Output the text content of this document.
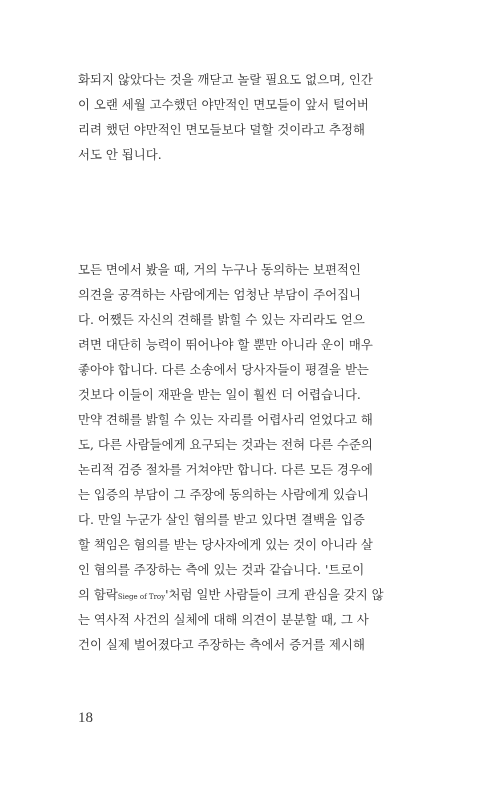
화되지 않았다는 것을 깨닫고 놀랄 필요도 없으며, 인간
이 오랜 세월 고수했던 야만적인 면모들이 앞서 털어버
리려 했던 야만적인 면모들보다 덜할 것이라고 추정해
서도 안 됩니다.
모든 면에서 봤을 때, 거의 누구나 동의하는 보편적인
의견을 공격하는 사람에게는 엄청난 부담이 주어집니
다. 어쨌든 자신의 견해를 밝힐 수 있는 자리라도 얻으
려면 대단히 능력이 뛰어나야 할 뿐만 아니라 운이 매우
좋아야 합니다. 다른 소송에서 당사자들이 평결을 받는
것보다 이들이 재판을 받는 일이 훨씬 더 어렵습니다.
만약 견해를 밝힐 수 있는 자리를 어렵사리 얻었다고 해
도, 다른 사람들에게 요구되는 것과는 전혀 다른 수준의
논리적 검증 절차를 거쳐야만 합니다. 다른 모든 경우에
는 입증의 부담이 그 주장에 동의하는 사람에게 있습니
다. 만일 누군가 살인 혐의를 받고 있다면 결백을 입증
할 책임은 혐의를 받는 당사자에게 있는 것이 아니라 살
인 혐의를 주장하는 측에 있는 것과 같습니다. '트로이
의 함락Siege of Troy'처럼 일반 사람들이 크게 관심을 갖지 않
는 역사적 사건의 실체에 대해 의견이 분분할 때, 그 사
건이 실제 벌어졌다고 주장하는 측에서 증거를 제시해
18
